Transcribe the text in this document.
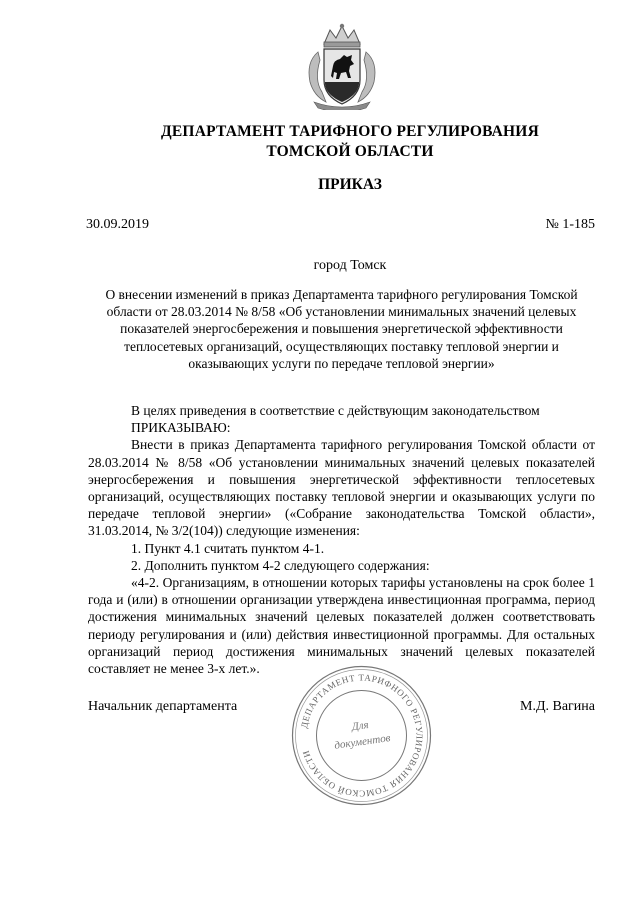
ДЕПАРТАМЕНТ ТАРИФНОГО РЕГУЛИРОВАНИЯ
ТОМСКОЙ ОБЛАСТИ
ПРИКАЗ
30.09.2019	№ 1-185
город Томск
О внесении изменений в приказ Департамента тарифного регулирования Томской области от 28.03.2014 № 8/58 «Об установлении минимальных значений целевых показателей энергосбережения и повышения энергетической эффективности теплосетевых организаций, осуществляющих поставку тепловой энергии и оказывающих услуги по передаче тепловой энергии»

В целях приведения в соответствие с действующим законодательством

ПРИКАЗЫВАЮ:

Внести в приказ Департамента тарифного регулирования Томской области от 28.03.2014 № 8/58 «Об установлении минимальных значений целевых показателей энергосбережения и повышения энергетической эффективности теплосетевых организаций, осуществляющих поставку тепловой энергии и оказывающих услуги по передаче тепловой энергии» («Собрание законодательства Томской области», 31.03.2014, № 3/2(104)) следующие изменения:

1. Пункт 4.1 считать пунктом 4-1.

2. Дополнить пунктом 4-2 следующего содержания:

«4-2. Организациям, в отношении которых тарифы установлены на срок более 1 года и (или) в отношении организации утверждена инвестиционная программа, период достижения минимальных значений целевых показателей должен соответствовать периоду регулирования и (или) действия инвестиционной программы. Для остальных организаций период достижения минимальных значений целевых показателей составляет не менее 3-х лет.».

Начальник департамента	М.Д. Вагина
ДЕПАРТАМЕНТ ТАРИФНОГО РЕГУЛИРОВАНИЯ ТОМСКОЙ ОБЛАСТИ
Для
документов
